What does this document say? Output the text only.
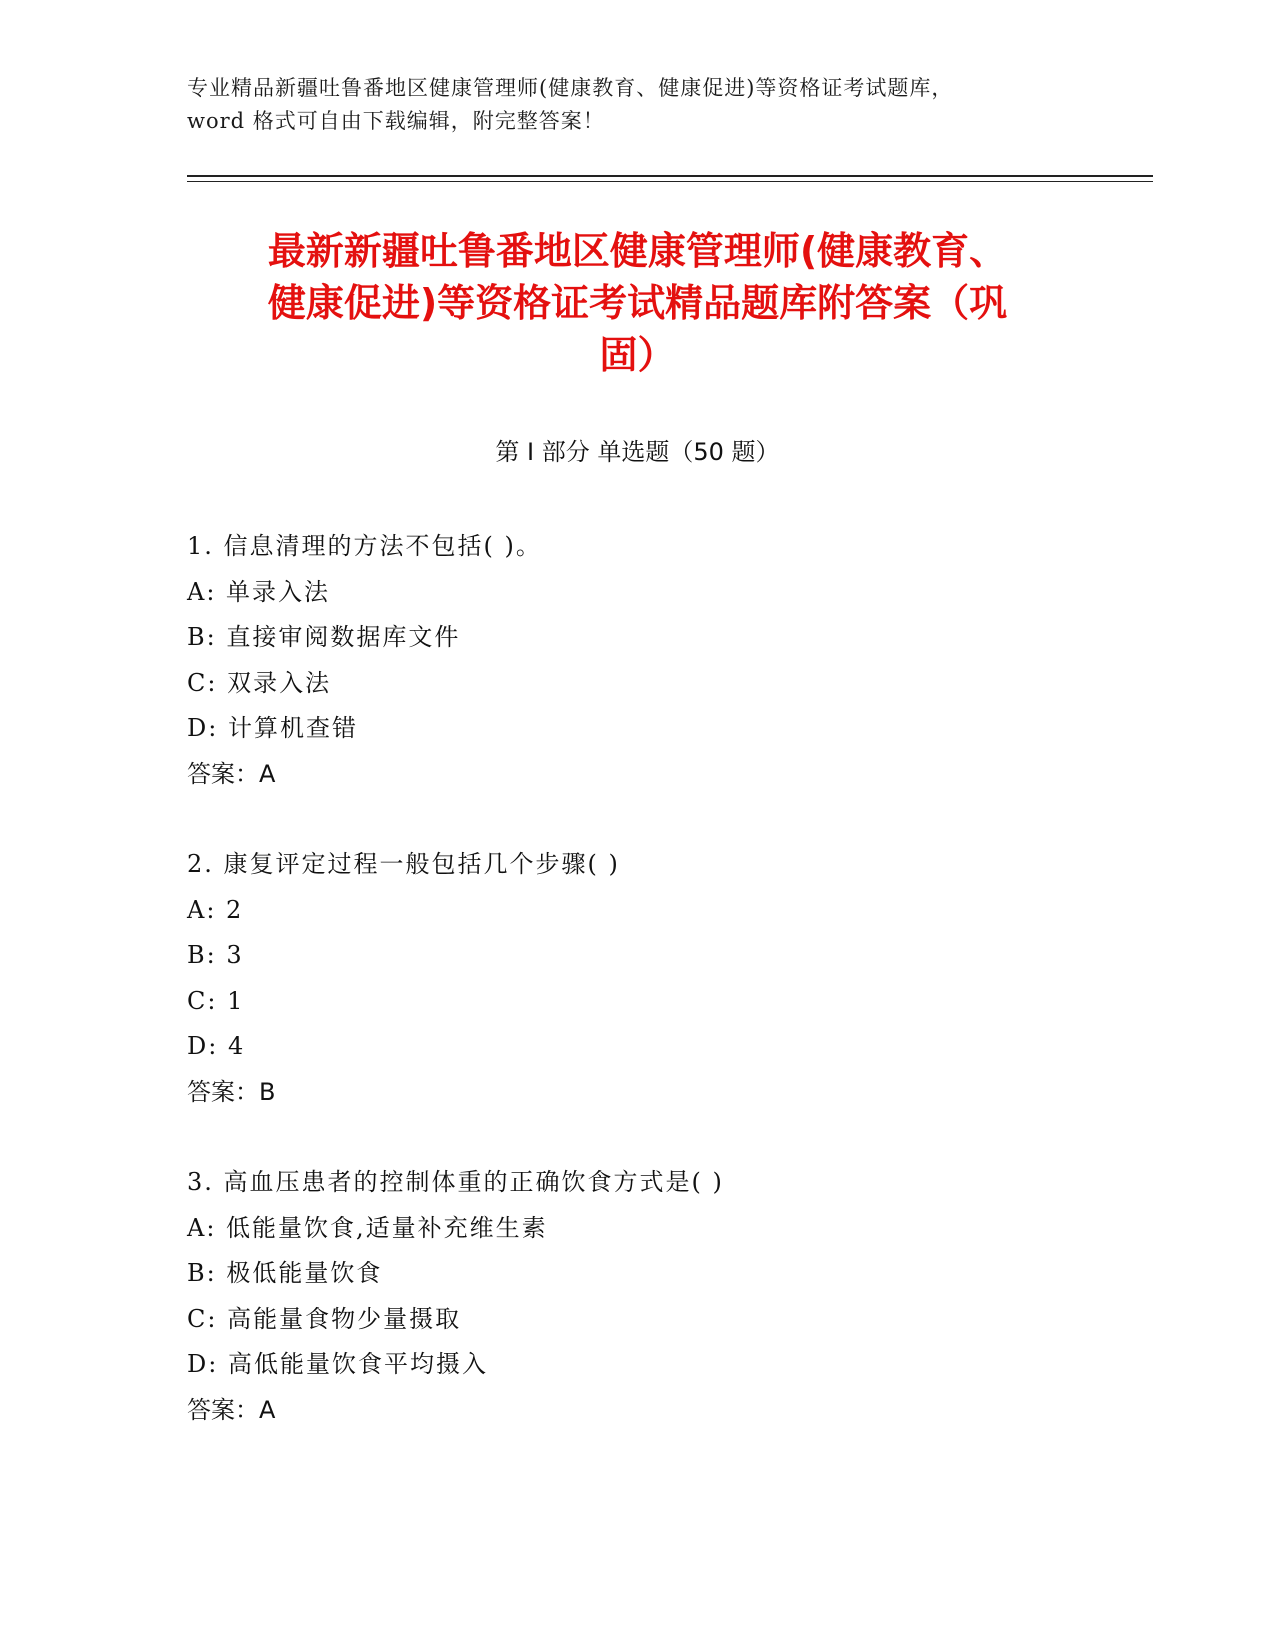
专业精品新疆吐鲁番地区健康管理师(健康教育、健康促进)等资格证考试题库，
word 格式可自由下载编辑，附完整答案！
最新新疆吐鲁番地区健康管理师(健康教育、
健康促进)等资格证考试精品题库附答案（巩
固）
第 I 部分 单选题（50 题）
1. 信息清理的方法不包括( )。
A: 单录入法
B: 直接审阅数据库文件
C: 双录入法
D: 计算机查错
答案：A
2. 康复评定过程一般包括几个步骤( )
A: 2
B: 3
C: 1
D: 4
答案：B
3. 高血压患者的控制体重的正确饮食方式是( )
A: 低能量饮食,适量补充维生素
B: 极低能量饮食
C: 高能量食物少量摄取
D: 高低能量饮食平均摄入
答案：A
